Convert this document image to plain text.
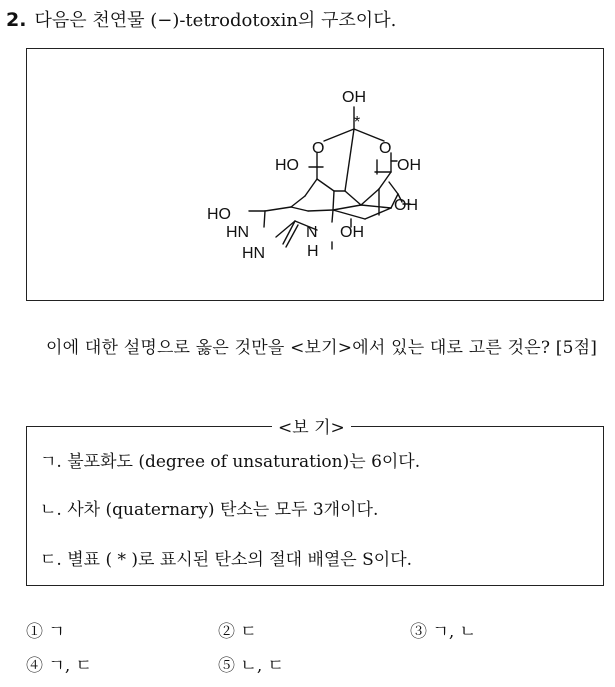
2. 다음은 천연물 (−)-tetrodotoxin의 구조이다.
OH
*
O	O
HO	OH
OH
HO
HN	N OH
HN	H
이에 대한 설명으로 옳은 것만을 <보기>에서 있는 대로 고른 것은? [5점]
<보 기>
ㄱ. 불포화도 (degree of unsaturation)는 6이다.
ㄴ. 사차 (quaternary) 탄소는 모두 3개이다.
ㄷ. 별표 ( * )로 표시된 탄소의 절대 배열은 S이다.
① ㄱ	② ㄷ	③ ㄱ, ㄴ
④ ㄱ, ㄷ	⑤ ㄴ, ㄷ
